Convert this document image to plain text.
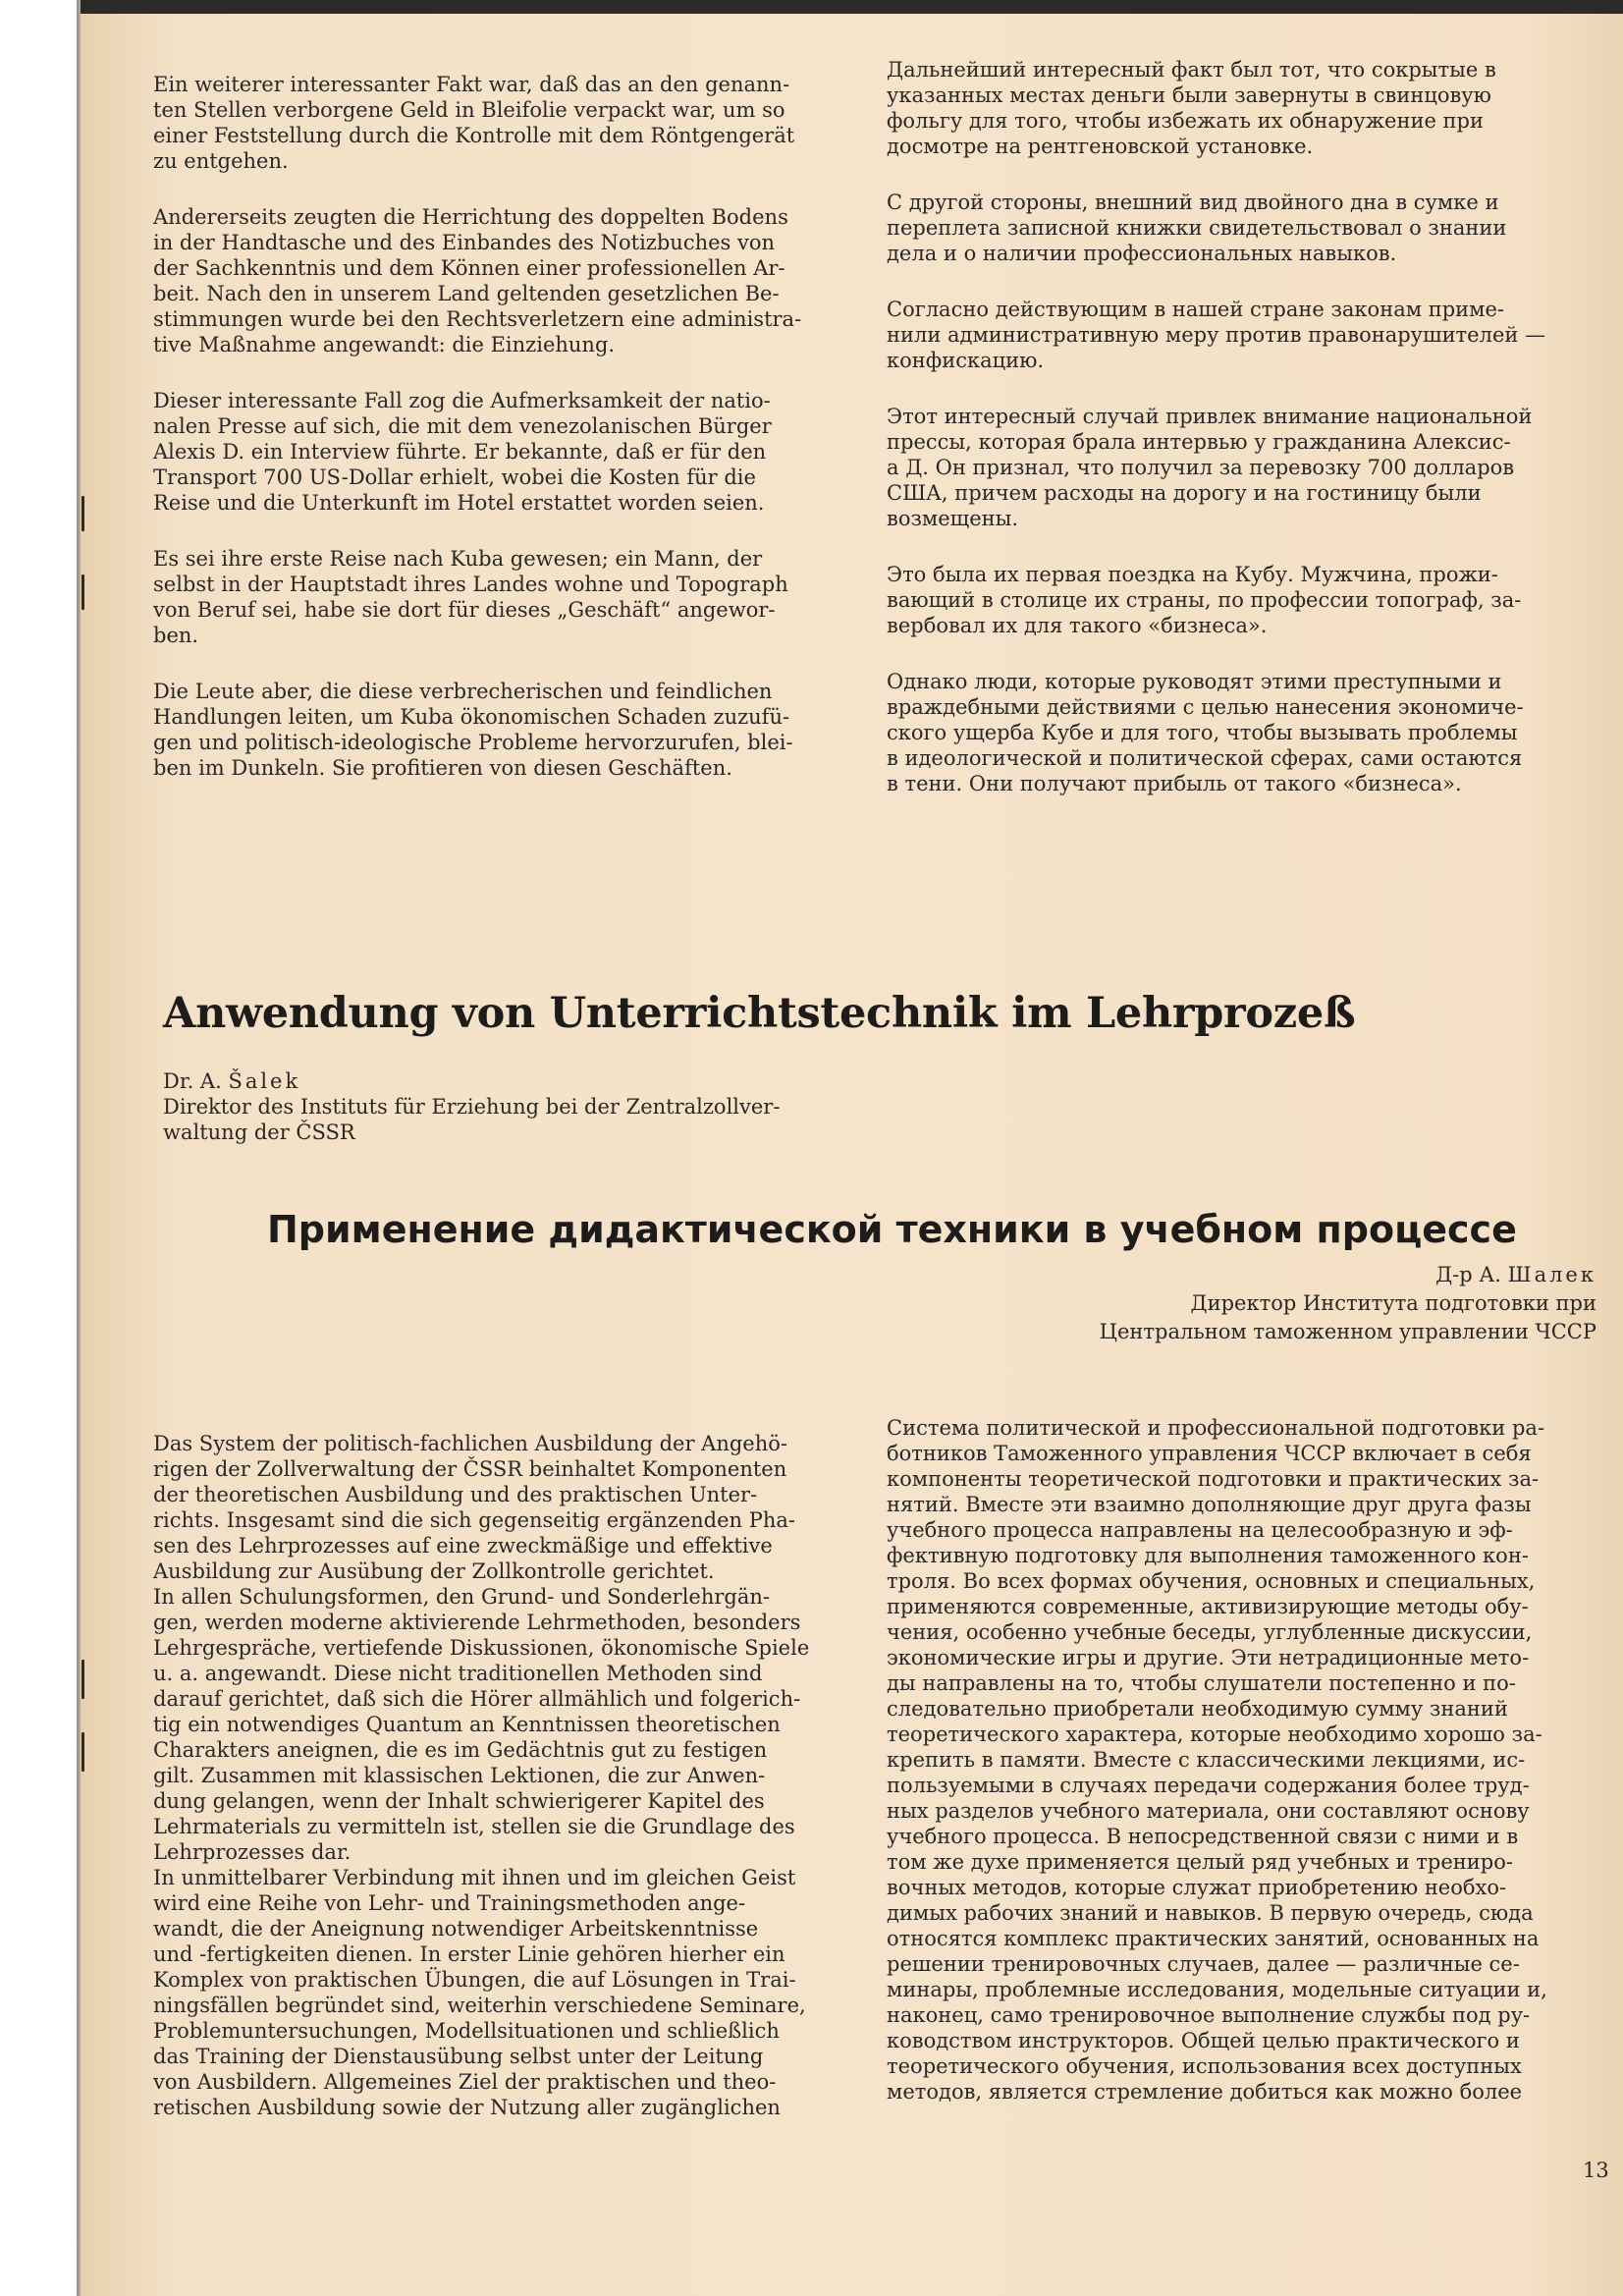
Ein weiterer interessanter Fakt war, daß das an den genann-
ten Stellen verborgene Geld in Bleifolie verpackt war, um so
einer Feststellung durch die Kontrolle mit dem Röntgengerät
zu entgehen.

Andererseits zeugten die Herrichtung des doppelten Bodens
in der Handtasche und des Einbandes des Notizbuches von
der Sachkenntnis und dem Können einer professionellen Ar-
beit. Nach den in unserem Land geltenden gesetzlichen Be-
stimmungen wurde bei den Rechtsverletzern eine administra-
tive Maßnahme angewandt: die Einziehung.

Dieser interessante Fall zog die Aufmerksamkeit der natio-
nalen Presse auf sich, die mit dem venezolanischen Bürger
Alexis D. ein Interview führte. Er bekannte, daß er für den
Transport 700 US-Dollar erhielt, wobei die Kosten für die
Reise und die Unterkunft im Hotel erstattet worden seien.

Es sei ihre erste Reise nach Kuba gewesen; ein Mann, der
selbst in der Hauptstadt ihres Landes wohne und Topograph
von Beruf sei, habe sie dort für dieses „Geschäft“ angewor-
ben.

Die Leute aber, die diese verbrecherischen und feindlichen
Handlungen leiten, um Kuba ökonomischen Schaden zuzufü-
gen und politisch-ideologische Probleme hervorzurufen, blei-
ben im Dunkeln. Sie profitieren von diesen Geschäften.

Дальнейший интересный факт был тот, что сокрытые в
указанных местах деньги были завернуты в свинцовую
фольгу для того, чтобы избежать их обнаружение при
досмотре на рентгеновской установке.

С другой стороны, внешний вид двойного дна в сумке и
переплета записной книжки свидетельствовал о знании
дела и о наличии профессиональных навыков.

Согласно действующим в нашей стране законам приме-
нили административную меру против правонарушителей —
конфискацию.

Этот интересный случай привлек внимание национальной
прессы, которая брала интервью у гражданина Алексис-
а Д. Он признал, что получил за перевозку 700 долларов
США, причем расходы на дорогу и на гостиницу были
возмещены.

Это была их первая поездка на Кубу. Мужчина, прожи-
вающий в столице их страны, по профессии топограф, за-
вербовал их для такого «бизнеса».

Однако люди, которые руководят этими преступными и
враждебными действиями с целью нанесения экономиче-
ского ущерба Кубе и для того, чтобы вызывать проблемы
в идеологической и политической сферах, сами остаются
в тени. Они получают прибыль от такого «бизнеса».

Anwendung von Unterrichtstechnik im Lehrprozeß
Dr. A. Šalek
Direktor des Instituts für Erziehung bei der Zentralzollver-
waltung der ČSSR
Применение дидактической техники в учебном процессе
Д-р А. Шалек
Директор Института подготовки при
Центральном таможенном управлении ЧССР

Das System der politisch-fachlichen Ausbildung der Angehö-
rigen der Zollverwaltung der ČSSR beinhaltet Komponenten
der theoretischen Ausbildung und des praktischen Unter-
richts. Insgesamt sind die sich gegenseitig ergänzenden Pha-
sen des Lehrprozesses auf eine zweckmäßige und effektive
Ausbildung zur Ausübung der Zollkontrolle gerichtet.

In allen Schulungsformen, den Grund- und Sonderlehrgän-
gen, werden moderne aktivierende Lehrmethoden, besonders
Lehrgespräche, vertiefende Diskussionen, ökonomische Spiele
u. a. angewandt. Diese nicht traditionellen Methoden sind
darauf gerichtet, daß sich die Hörer allmählich und folgerich-
tig ein notwendiges Quantum an Kenntnissen theoretischen
Charakters aneignen, die es im Gedächtnis gut zu festigen
gilt. Zusammen mit klassischen Lektionen, die zur Anwen-
dung gelangen, wenn der Inhalt schwierigerer Kapitel des
Lehrmaterials zu vermitteln ist, stellen sie die Grundlage des
Lehrprozesses dar.

In unmittelbarer Verbindung mit ihnen und im gleichen Geist
wird eine Reihe von Lehr- und Trainingsmethoden ange-
wandt, die der Aneignung notwendiger Arbeitskenntnisse
und -fertigkeiten dienen. In erster Linie gehören hierher ein
Komplex von praktischen Übungen, die auf Lösungen in Trai-
ningsfällen begründet sind, weiterhin verschiedene Seminare,
Problemuntersuchungen, Modellsituationen und schließlich
das Training der Dienstausübung selbst unter der Leitung
von Ausbildern. Allgemeines Ziel der praktischen und theo-
retischen Ausbildung sowie der Nutzung aller zugänglichen

Система политической и профессиональной подготовки ра-
ботников Таможенного управления ЧССР включает в себя
компоненты теоретической подготовки и практических за-
нятий. Вместе эти взаимно дополняющие друг друга фазы
учебного процесса направлены на целесообразную и эф-
фективную подготовку для выполнения таможенного кон-
троля. Во всех формах обучения, основных и специальных,
применяются современные, активизирующие методы обу-
чения, особенно учебные беседы, углубленные дискуссии,
экономические игры и другие. Эти нетрадиционные мето-
ды направлены на то, чтобы слушатели постепенно и по-
следовательно приобретали необходимую сумму знаний
теоретического характера, которые необходимо хорошо за-
крепить в памяти. Вместе с классическими лекциями, ис-
пользуемыми в случаях передачи содержания более труд-
ных разделов учебного материала, они составляют основу
учебного процесса. В непосредственной связи с ними и в
том же духе применяется целый ряд учебных и трениро-
вочных методов, которые служат приобретению необхо-
димых рабочих знаний и навыков. В первую очередь, сюда
относятся комплекс практических занятий, основанных на
решении тренировочных случаев, далее — различные се-
минары, проблемные исследования, модельные ситуации и,
наконец, само тренировочное выполнение службы под ру-
ководством инструкторов. Общей целью практического и
теоретического обучения, использования всех доступных
методов, является стремление добиться как можно более

13
